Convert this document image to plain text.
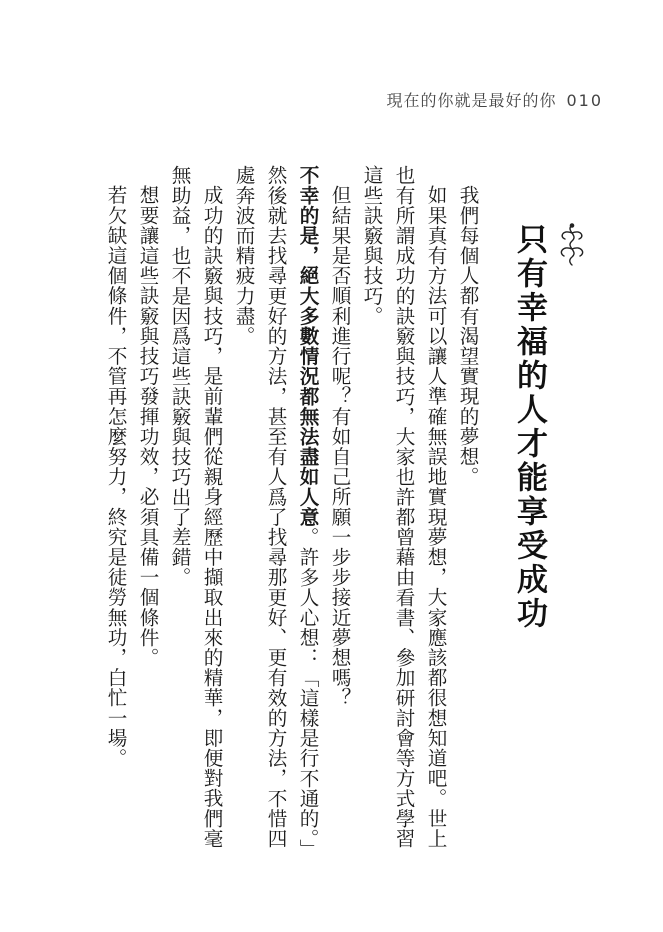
現在的你就是最好的你 010
只有幸福的人才能享受成功

我們每個人都有渴望實現的夢想。

如果真有方法可以讓人準確無誤地實現夢想，大家應該都很想知道吧。世上也有所謂成功的訣竅與技巧，大家也許都曾藉由看書、參加研討會等方式學習這些訣竅與技巧。

但結果是否順利進行呢？有如自己所願一步步接近夢想嗎？

不幸的是，絕大多數情況都無法盡如人意。許多人心想：「這樣是行不通的。」然後就去找尋更好的方法，甚至有人爲了找尋那更好、更有效的方法，不惜四處奔波而精疲力盡。

成功的訣竅與技巧，是前輩們從親身經歷中擷取出來的精華，即便對我們毫無助益，也不是因爲這些訣竅與技巧出了差錯。

想要讓這些訣竅與技巧發揮功效，必須具備一個條件。

若欠缺這個條件，不管再怎麼努力，終究是徒勞無功，白忙一場。
